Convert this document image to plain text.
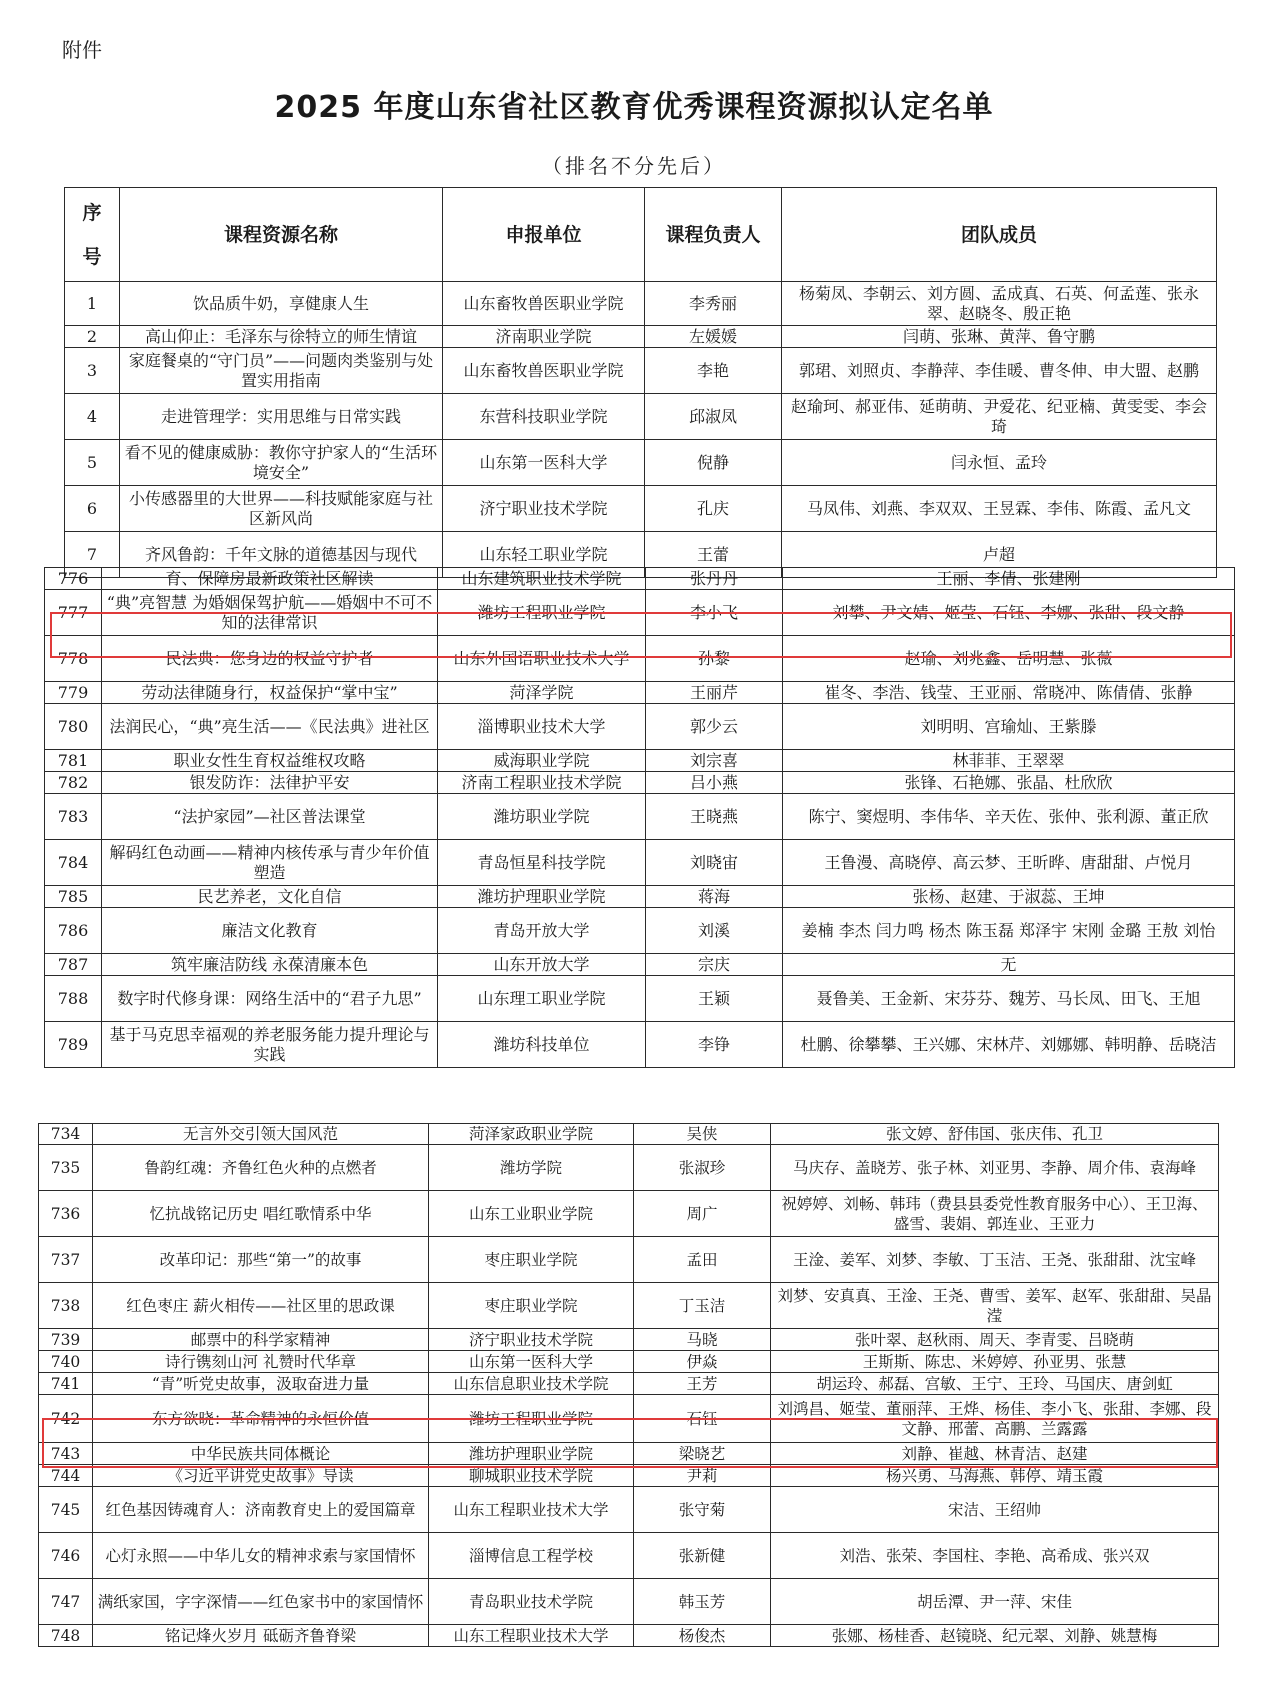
附件
2025 年度山东省社区教育优秀课程资源拟认定名单
（排名不分先后）
序号	课程资源名称	申报单位	课程负责人	团队成员
1	饮品质牛奶，享健康人生	山东畜牧兽医职业学院	李秀丽	杨菊凤、李朝云、刘方圆、孟成真、石英、何孟莲、张永翠、赵晓冬、殷正艳
2	高山仰止：毛泽东与徐特立的师生情谊	济南职业学院	左媛媛	闫萌、张琳、黄萍、鲁守鹏
3	家庭餐桌的“守门员”——问题肉类鉴别与处置实用指南	山东畜牧兽医职业学院	李艳	郭珺、刘照贞、李静萍、李佳暖、曹冬伸、申大盟、赵鹏
4	走进管理学：实用思维与日常实践	东营科技职业学院	邱淑凤	赵瑜珂、郝亚伟、延萌萌、尹爱花、纪亚楠、黄雯雯、李会琦
5	看不见的健康威胁：教你守护家人的“生活环境安全”	山东第一医科大学	倪静	闫永恒、孟玲
6	小传感器里的大世界——科技赋能家庭与社区新风尚	济宁职业技术学院	孔庆	马凤伟、刘燕、李双双、王昱霖、李伟、陈霞、孟凡文
7	齐风鲁韵：千年文脉的道德基因与现代	山东轻工职业学院	王蕾	卢超
776	育、保障房最新政策社区解读	山东建筑职业技术学院	张丹丹	王丽、李倩、张建刚
777	“典”亮智慧 为婚姻保驾护航——婚姻中不可不知的法律常识	潍坊工程职业学院	李小飞	刘攀、尹文婧、姬莹、石钰、李娜、张甜、段文静
778	民法典：您身边的权益守护者	山东外国语职业技术大学	孙黎	赵瑜、刘兆鑫、岳明慧、张薇
779	劳动法律随身行，权益保护“掌中宝”	菏泽学院	王丽芹	崔冬、李浩、钱莹、王亚丽、常晓冲、陈倩倩、张静
780	法润民心，“典”亮生活——《民法典》进社区	淄博职业技术大学	郭少云	刘明明、宫瑜灿、王紫滕
781	职业女性生育权益维权攻略	威海职业学院	刘宗喜	林菲菲、王翠翠
782	银发防诈：法律护平安	济南工程职业技术学院	吕小燕	张锋、石艳娜、张晶、杜欣欣
783	“法护家园”—社区普法课堂	潍坊职业学院	王晓燕	陈宁、窦煜明、李伟华、辛天佐、张仲、张利源、董正欣
784	解码红色动画——精神内核传承与青少年价值塑造	青岛恒星科技学院	刘晓宙	王鲁漫、高晓停、高云梦、王昕晔、唐甜甜、卢悦月
785	民艺养老，文化自信	潍坊护理职业学院	蒋海	张杨、赵建、于淑蕊、王坤
786	廉洁文化教育	青岛开放大学	刘溪	姜楠 李杰 闫力鸣 杨杰 陈玉磊 郑泽宇 宋刚 金璐 王敖 刘怡
787	筑牢廉洁防线 永葆清廉本色	山东开放大学	宗庆	无
788	数字时代修身课：网络生活中的“君子九思”	山东理工职业学院	王颖	聂鲁美、王金新、宋芬芬、魏芳、马长凤、田飞、王旭
789	基于马克思幸福观的养老服务能力提升理论与实践	潍坊科技单位	李铮	杜鹏、徐攀攀、王兴娜、宋林芹、刘娜娜、韩明静、岳晓洁
734	无言外交引领大国风范	菏泽家政职业学院	吴侠	张文婷、舒伟国、张庆伟、孔卫
735	鲁韵红魂：齐鲁红色火种的点燃者	潍坊学院	张淑珍	马庆存、盖晓芳、张子林、刘亚男、李静、周介伟、袁海峰
736	忆抗战铭记历史 唱红歌情系中华	山东工业职业学院	周广	祝婷婷、刘畅、韩玮（费县县委党性教育服务中心）、王卫海、盛雪、裴娟、郭连业、王亚力
737	改革印记：那些“第一”的故事	枣庄职业学院	孟田	王淦、姜军、刘梦、李敏、丁玉洁、王尧、张甜甜、沈宝峰
738	红色枣庄 薪火相传——社区里的思政课	枣庄职业学院	丁玉洁	刘梦、安真真、王淦、王尧、曹雪、姜军、赵军、张甜甜、吴晶滢
739	邮票中的科学家精神	济宁职业技术学院	马晓	张叶翠、赵秋雨、周天、李青雯、吕晓萌
740	诗行镌刻山河 礼赞时代华章	山东第一医科大学	伊焱	王斯斯、陈忠、米婷婷、孙亚男、张慧
741	“青”听党史故事，汲取奋进力量	山东信息职业技术学院	王芳	胡运玲、郝磊、宫敏、王宁、王玲、马国庆、唐剑虹
742	东方欲晓：革命精神的永恒价值	潍坊工程职业学院	石钰	刘鸿昌、姬莹、董丽萍、王烨、杨佳、李小飞、张甜、李娜、段文静、邢蕾、高鹏、兰露露
743	中华民族共同体概论	潍坊护理职业学院	梁晓艺	刘静、崔越、林青洁、赵建
744	《习近平讲党史故事》导读	聊城职业技术学院	尹莉	杨兴勇、马海燕、韩停、靖玉霞
745	红色基因铸魂育人：济南教育史上的爱国篇章	山东工程职业技术大学	张守菊	宋洁、王绍帅
746	心灯永照——中华儿女的精神求索与家国情怀	淄博信息工程学校	张新健	刘浩、张荣、李国柱、李艳、高希成、张兴双
747	满纸家国，字字深情——红色家书中的家国情怀	青岛职业技术学院	韩玉芳	胡岳潭、尹一萍、宋佳
748	铭记烽火岁月 砥砺齐鲁脊梁	山东工程职业技术大学	杨俊杰	张娜、杨桂香、赵镜晓、纪元翠、刘静、姚慧梅
